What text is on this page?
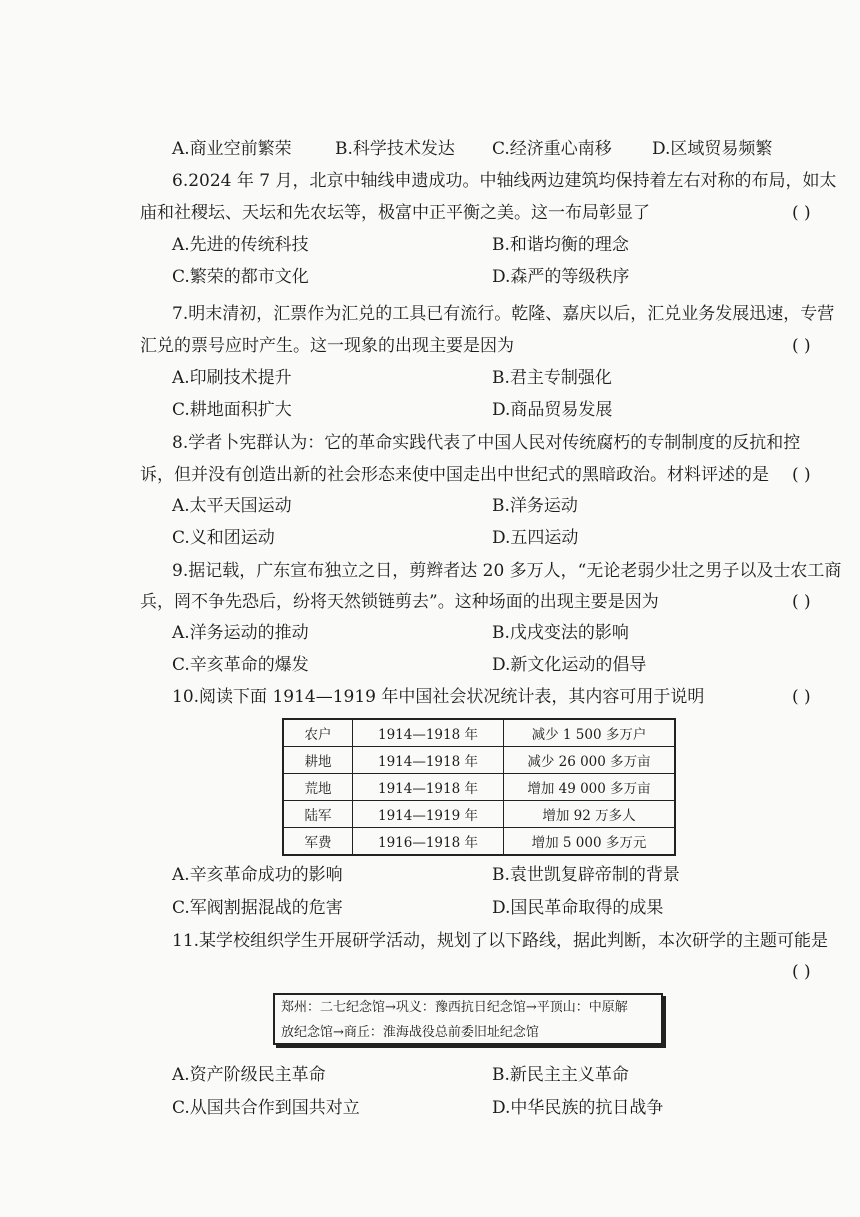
A.商业空前繁荣	B.科学技术发达 C.经济重心南移 D.区域贸易频繁
6.2024 年 7 月，北京中轴线申遗成功。中轴线两边建筑均保持着左右对称的布局，如太
庙和社稷坛、天坛和先农坛等，极富中正平衡之美。这一布局彰显了	( )
A.先进的传统科技	B.和谐均衡的理念
C.繁荣的都市文化	D.森严的等级秩序
7.明末清初，汇票作为汇兑的工具已有流行。乾隆、嘉庆以后，汇兑业务发展迅速，专营
汇兑的票号应时产生。这一现象的出现主要是因为	( )
A.印刷技术提升	B.君主专制强化
C.耕地面积扩大	D.商品贸易发展
8.学者卜宪群认为：它的革命实践代表了中国人民对传统腐朽的专制制度的反抗和控
诉，但并没有创造出新的社会形态来使中国走出中世纪式的黑暗政治。材料评述的是 ( )
A.太平天国运动	B.洋务运动
C.义和团运动	D.五四运动
9.据记载，广东宣布独立之日，剪辫者达 20 多万人，“无论老弱少壮之男子以及士农工商
兵，罔不争先恐后，纷将天然锁链剪去”。这种场面的出现主要是因为	( )
A.洋务运动的推动	B.戊戌变法的影响
C.辛亥革命的爆发	D.新文化运动的倡导
10.阅读下面 1914—1919 年中国社会状况统计表，其内容可用于说明	( )
农户	1914—1918 年	减少 1 500 多万户
耕地	1914—1918 年	减少 26 000 多万亩
荒地	1914—1918 年	增加 49 000 多万亩
陆军	1914—1919 年	增加 92 万多人
军费	1916—1918 年	增加 5 000 多万元
A.辛亥革命成功的影响	B.袁世凯复辟帝制的背景
C.军阀割据混战的危害	D.国民革命取得的成果
11.某学校组织学生开展研学活动，规划了以下路线，据此判断，本次研学的主题可能是
( )
郑州：二七纪念馆→巩义：豫西抗日纪念馆→平顶山：中原解
放纪念馆→商丘：淮海战役总前委旧址纪念馆
A.资产阶级民主革命	B.新民主主义革命
C.从国共合作到国共对立	D.中华民族的抗日战争
